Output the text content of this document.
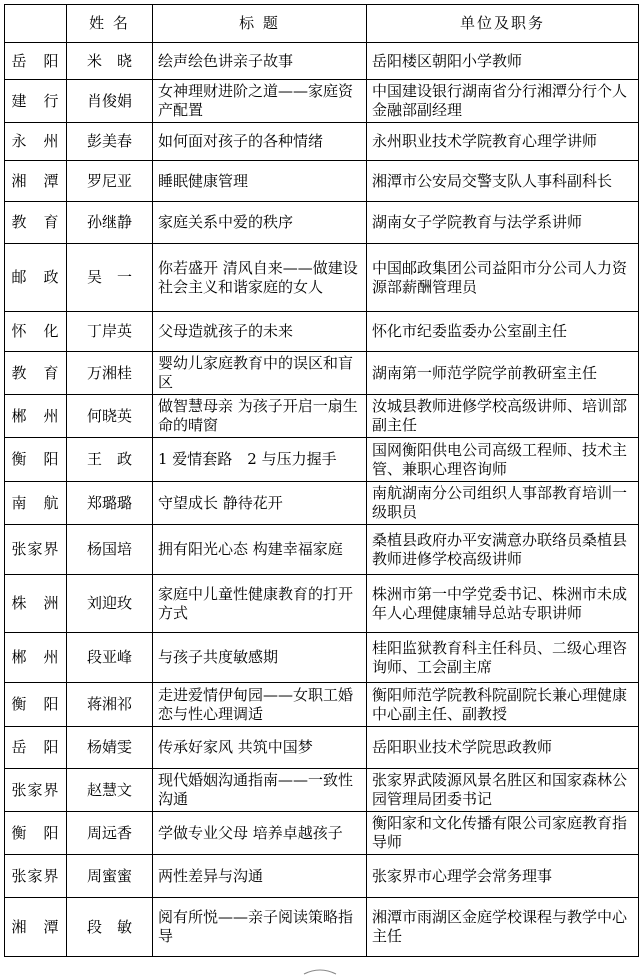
	姓 名	标 题	单位及职务
岳　阳	米　晓	绘声绘色讲亲子故事	岳阳楼区朝阳小学教师
建　行	肖俊娟	女神理财进阶之道——家庭资产配置	中国建设银行湖南省分行湘潭分行个人金融部副经理
永　州	彭美春	如何面对孩子的各种情绪	永州职业技术学院教育心理学讲师
湘　潭	罗尼亚	睡眠健康管理	湘潭市公安局交警支队人事科副科长
教　育	孙继静	家庭关系中爱的秩序	湖南女子学院教育与法学系讲师
邮　政	吴　一	你若盛开 清风自来——做建设社会主义和谐家庭的女人	中国邮政集团公司益阳市分公司人力资源部薪酬管理员
怀　化	丁岸英	父母造就孩子的未来	怀化市纪委监委办公室副主任
教　育	万湘桂	婴幼儿家庭教育中的误区和盲区	湖南第一师范学院学前教研室主任
郴　州	何晓英	做智慧母亲 为孩子开启一扇生命的晴窗	汝城县教师进修学校高级讲师、培训部副主任
衡　阳	王　政	1 爱情套路　2 与压力握手	国网衡阳供电公司高级工程师、技术主管、兼职心理咨询师
南　航	郑璐璐	守望成长 静待花开	南航湖南分公司组织人事部教育培训一级职员
张家界	杨国培	拥有阳光心态 构建幸福家庭	桑植县政府办平安满意办联络员桑植县教师进修学校高级讲师
株　洲	刘迎玫	家庭中儿童性健康教育的打开方式	株洲市第一中学党委书记、株洲市未成年人心理健康辅导总站专职讲师
郴　州	段亚峰	与孩子共度敏感期	桂阳监狱教育科主任科员、二级心理咨询师、工会副主席
衡　阳	蒋湘祁	走进爱情伊甸园——女职工婚恋与性心理调适	衡阳师范学院教科院副院长兼心理健康中心副主任、副教授
岳　阳	杨婧雯	传承好家风 共筑中国梦	岳阳职业技术学院思政教师
张家界	赵慧文	现代婚姻沟通指南——一致性沟通	张家界武陵源风景名胜区和国家森林公园管理局团委书记
衡　阳	周远香	学做专业父母 培养卓越孩子	衡阳家和文化传播有限公司家庭教育指导师
张家界	周蜜蜜	两性差异与沟通	张家界市心理学会常务理事
湘　潭	段　敏	阅有所悦——亲子阅读策略指导	湘潭市雨湖区金庭学校课程与教学中心主任
